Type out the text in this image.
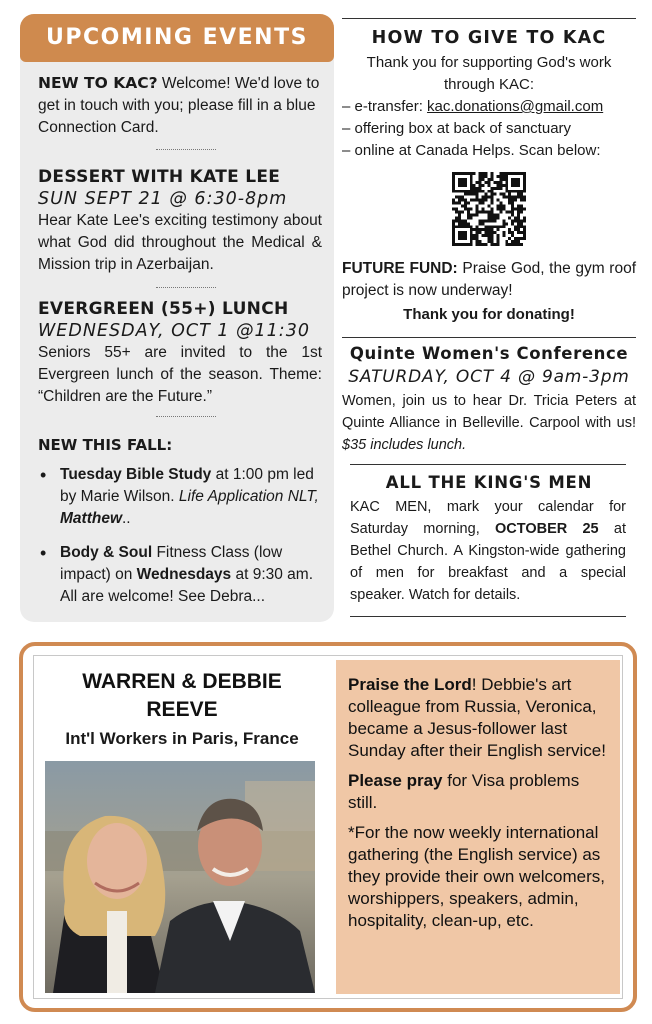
UPCOMING EVENTS
NEW TO KAC? Welcome! We'd love to get in touch with you; please fill in a blue Connection Card.
DESSERT WITH KATE LEE
SUN SEPT 21 @ 6:30-8pm
Hear Kate Lee's exciting testimony about what God did throughout the Medical & Mission trip in Azerbaijan.
EVERGREEN (55+) LUNCH
WEDNESDAY, OCT 1 @11:30
Seniors 55+ are invited to the 1st Evergreen lunch of the season. Theme: “Children are the Future.”
NEW THIS FALL:
• Tuesday Bible Study at 1:00 pm led by Marie Wilson. Life Application NLT, Matthew..
• Body & Soul Fitness Class (low impact) on Wednesdays at 9:30 am. All are welcome! See Debra...
HOW TO GIVE TO KAC
Thank you for supporting God's work through KAC:
– e-transfer: kac.donations@gmail.com
– offering box at back of sanctuary
– online at Canada Helps. Scan below:
FUTURE FUND: Praise God, the gym roof project is now underway!
Thank you for donating!
Quinte Women's Conference
SATURDAY, OCT 4 @ 9am-3pm
Women, join us to hear Dr. Tricia Peters at Quinte Alliance in Belleville. Carpool with us! $35 includes lunch.
ALL THE KING'S MEN
KAC MEN, mark your calendar for Saturday morning, OCTOBER 25 at Bethel Church. A Kingston-wide gathering of men for breakfast and a special speaker. Watch for details.
WARREN & DEBBIE REEVE
Int'l Workers in Paris, France

Praise the Lord! Debbie's art colleague from Russia, Veronica, became a Jesus-follower last Sunday after their English service!

Please pray for Visa problems still.

*For the now weekly international gathering (the English service) as they provide their own welcomers, worshippers, speakers, admin, hospitality, clean-up, etc.
